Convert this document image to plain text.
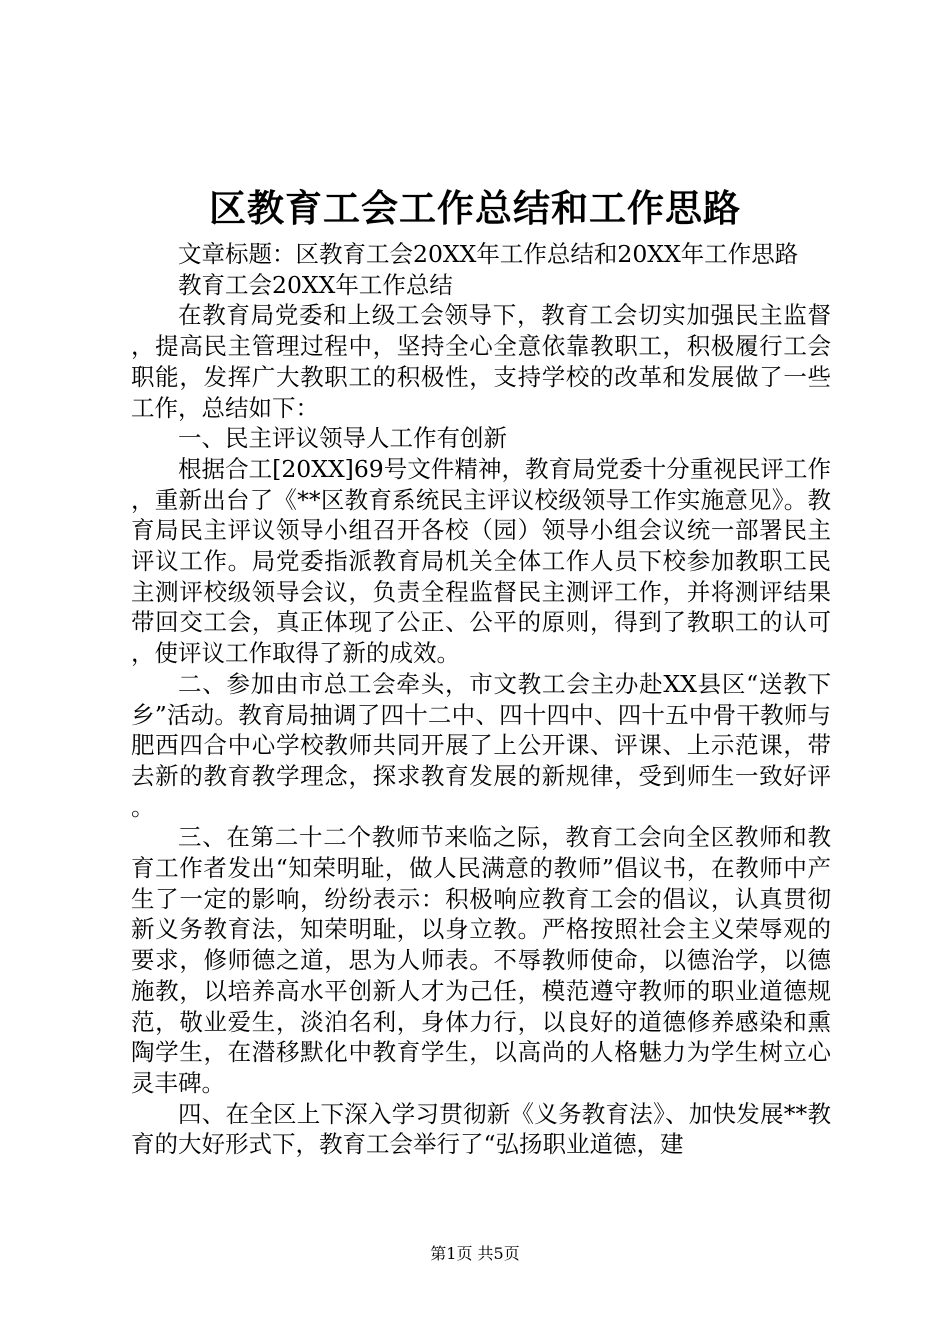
区教育工会工作总结和工作思路

文章标题：区教育工会20XX年工作总结和20XX年工作思路

教育工会20XX年工作总结

在教育局党委和上级工会领导下，教育工会切实加强民主监督，提高民主管理过程中，坚持全心全意依靠教职工，积极履行工会职能，发挥广大教职工的积极性，支持学校的改革和发展做了一些工作，总结如下：

一、民主评议领导人工作有创新

根据合工[20XX]69号文件精神，教育局党委十分重视民评工作，重新出台了《**区教育系统民主评议校级领导工作实施意见》。教育局民主评议领导小组召开各校（园）领导小组会议统一部署民主评议工作。局党委指派教育局机关全体工作人员下校参加教职工民主测评校级领导会议，负责全程监督民主测评工作，并将测评结果带回交工会，真正体现了公正、公平的原则，得到了教职工的认可，使评议工作取得了新的成效。

二、参加由市总工会牵头，市文教工会主办赴XX县区“送教下乡”活动。教育局抽调了四十二中、四十四中、四十五中骨干教师与肥西四合中心学校教师共同开展了上公开课、评课、上示范课，带去新的教育教学理念，探求教育发展的新规律，受到师生一致好评。

三、在第二十二个教师节来临之际，教育工会向全区教师和教育工作者发出“知荣明耻，做人民满意的教师”倡议书，在教师中产生了一定的影响，纷纷表示：积极响应教育工会的倡议，认真贯彻新义务教育法，知荣明耻，以身立教。严格按照社会主义荣辱观的要求，修师德之道，思为人师表。不辱教师使命，以德治学，以德施教，以培养高水平创新人才为己任，模范遵守教师的职业道德规范，敬业爱生，淡泊名利，身体力行，以良好的道德修养感染和熏陶学生，在潜移默化中教育学生，以高尚的人格魅力为学生树立心灵丰碑。

四、在全区上下深入学习贯彻新《义务教育法》、加快发展**教育的大好形式下，教育工会举行了“弘扬职业道德，建

第1页 共5页
